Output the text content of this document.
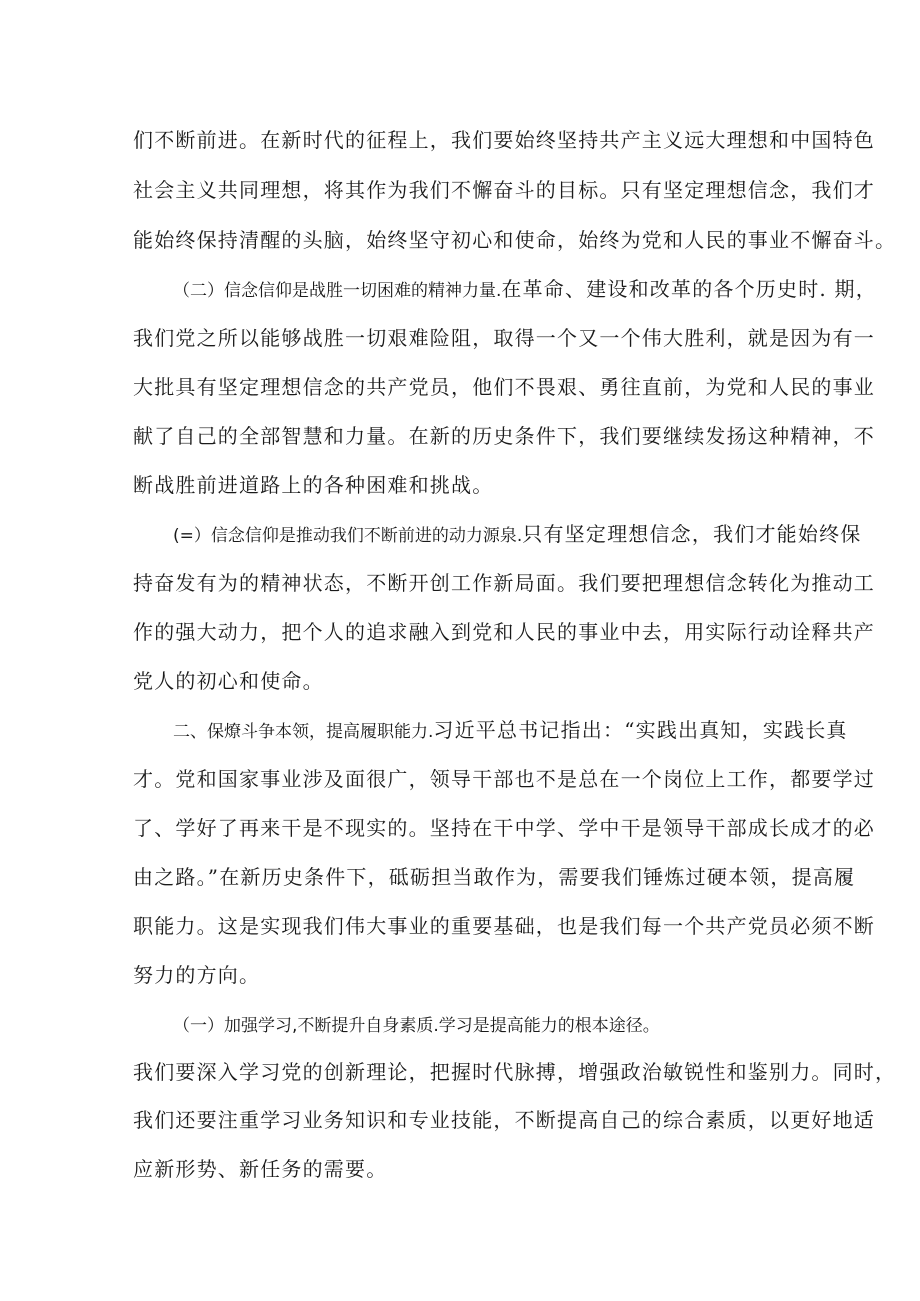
们不断前进。在新时代的征程上，我们要始终坚持共产主义远大理想和中国特色
社会主义共同理想，将其作为我们不懈奋斗的目标。只有坚定理想信念，我们才
能始终保持清醒的头脑，始终坚守初心和使命，始终为党和人民的事业不懈奋斗。
（二）信念信仰是战胜一切困难的精神力量.在革命、建设和改革的各个历史时. 期，
我们党之所以能够战胜一切艰难险阻，取得一个又一个伟大胜利，就是因为有一
大批具有坚定理想信念的共产党员，他们不畏艰、勇往直前，为党和人民的事业
献了自己的全部智慧和力量。在新的历史条件下，我们要继续发扬这种精神，不
断战胜前进道路上的各种困难和挑战。
(=）信念信仰是推动我们不断前进的动力源泉.只有坚定理想信念，我们才能始终保
持奋发有为的精神状态，不断开创工作新局面。我们要把理想信念转化为推动工
作的强大动力，把个人的追求融入到党和人民的事业中去，用实际行动诠释共产
党人的初心和使命。
二、保燎斗争本领，提高履职能力.习近平总书记指出：“实践出真知，实践长真
才。党和国家事业涉及面很广，领导干部也不是总在一个岗位上工作，都要学过
了、学好了再来干是不现实的。坚持在干中学、学中干是领导干部成长成才的必
由之路。”在新历史条件下，砥砺担当敢作为，需要我们锤炼过硬本领，提高履
职能力。这是实现我们伟大事业的重要基础，也是我们每一个共产党员必须不断
努力的方向。
（一）加强学习,不断提升自身素质.学习是提高能力的根本途径。
我们要深入学习党的创新理论，把握时代脉搏，增强政治敏锐性和鉴别力。同时，
我们还要注重学习业务知识和专业技能，不断提高自己的综合素质，以更好地适
应新形势、新任务的需要。
